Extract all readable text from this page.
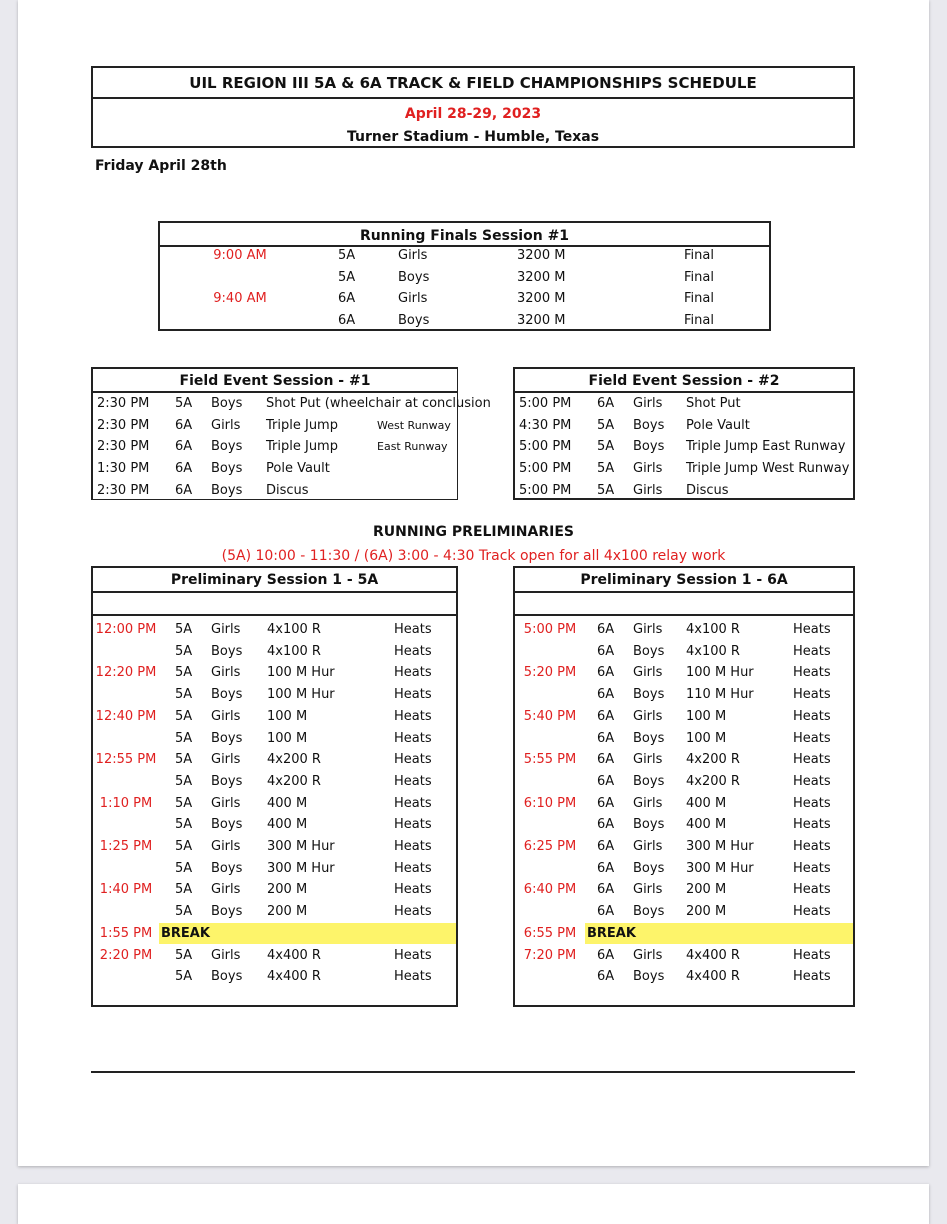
UIL REGION III 5A & 6A TRACK & FIELD CHAMPIONSHIPS SCHEDULE
April 28-29, 2023
Turner Stadium - Humble, Texas
Friday April 28th
Running Finals Session #1
9:00 AM	5A	Girls	3200 M	Final
5A	Boys	3200 M	Final
9:40 AM	6A	Girls	3200 M	Final
6A	Boys	3200 M	Final
Field Event Session - #1
2:30 PM 5A Boys Shot Put (wheelchair at conclusion
2:30 PM 6A Girls Triple Jump	West Runway
2:30 PM 6A Boys Triple Jump	East Runway
1:30 PM 6A Boys Pole Vault
2:30 PM 6A Boys Discus
Field Event Session - #2
5:00 PM 6A Girls Shot Put
4:30 PM 5A Boys Pole Vault
5:00 PM 5A Boys Triple Jump East Runway
5:00 PM 5A Girls Triple Jump West Runway
5:00 PM 5A Girls Discus
RUNNING PRELIMINARIES
(5A) 10:00 - 11:30 / (6A) 3:00 - 4:30 Track open for all 4x100 relay work
Preliminary Session 1 - 5A
12:00 PM 5A Girls 4x100 R	Heats
5A Boys 4x100 R	Heats
12:20 PM 5A Girls 100 M Hur	Heats
5A Boys 100 M Hur	Heats
12:40 PM 5A Girls 100 M	Heats
5A Boys 100 M	Heats
12:55 PM 5A Girls 4x200 R	Heats
5A Boys 4x200 R	Heats
1:10 PM	5A Girls 400 M	Heats
5A Boys 400 M	Heats
1:25 PM	5A Girls 300 M Hur	Heats
5A Boys 300 M Hur	Heats
1:40 PM	5A Girls 200 M	Heats
5A Boys 200 M	Heats
1:55 PM BREAK
2:20 PM	5A Girls 4x400 R	Heats
5A Boys 4x400 R	Heats
Preliminary Session 1 - 6A
5:00 PM	6A Girls 4x100 R	Heats
6A Boys 4x100 R	Heats
5:20 PM	6A Girls 100 M Hur	Heats
6A Boys 110 M Hur	Heats
5:40 PM	6A Girls 100 M	Heats
6A Boys 100 M	Heats
5:55 PM	6A Girls 4x200 R	Heats
6A Boys 4x200 R	Heats
6:10 PM	6A Girls 400 M	Heats
6A Boys 400 M	Heats
6:25 PM	6A Girls 300 M Hur	Heats
6A Boys 300 M Hur	Heats
6:40 PM	6A Girls 200 M	Heats
6A Boys 200 M	Heats
6:55 PM BREAK
7:20 PM	6A Girls 4x400 R	Heats
6A Boys 4x400 R	Heats
